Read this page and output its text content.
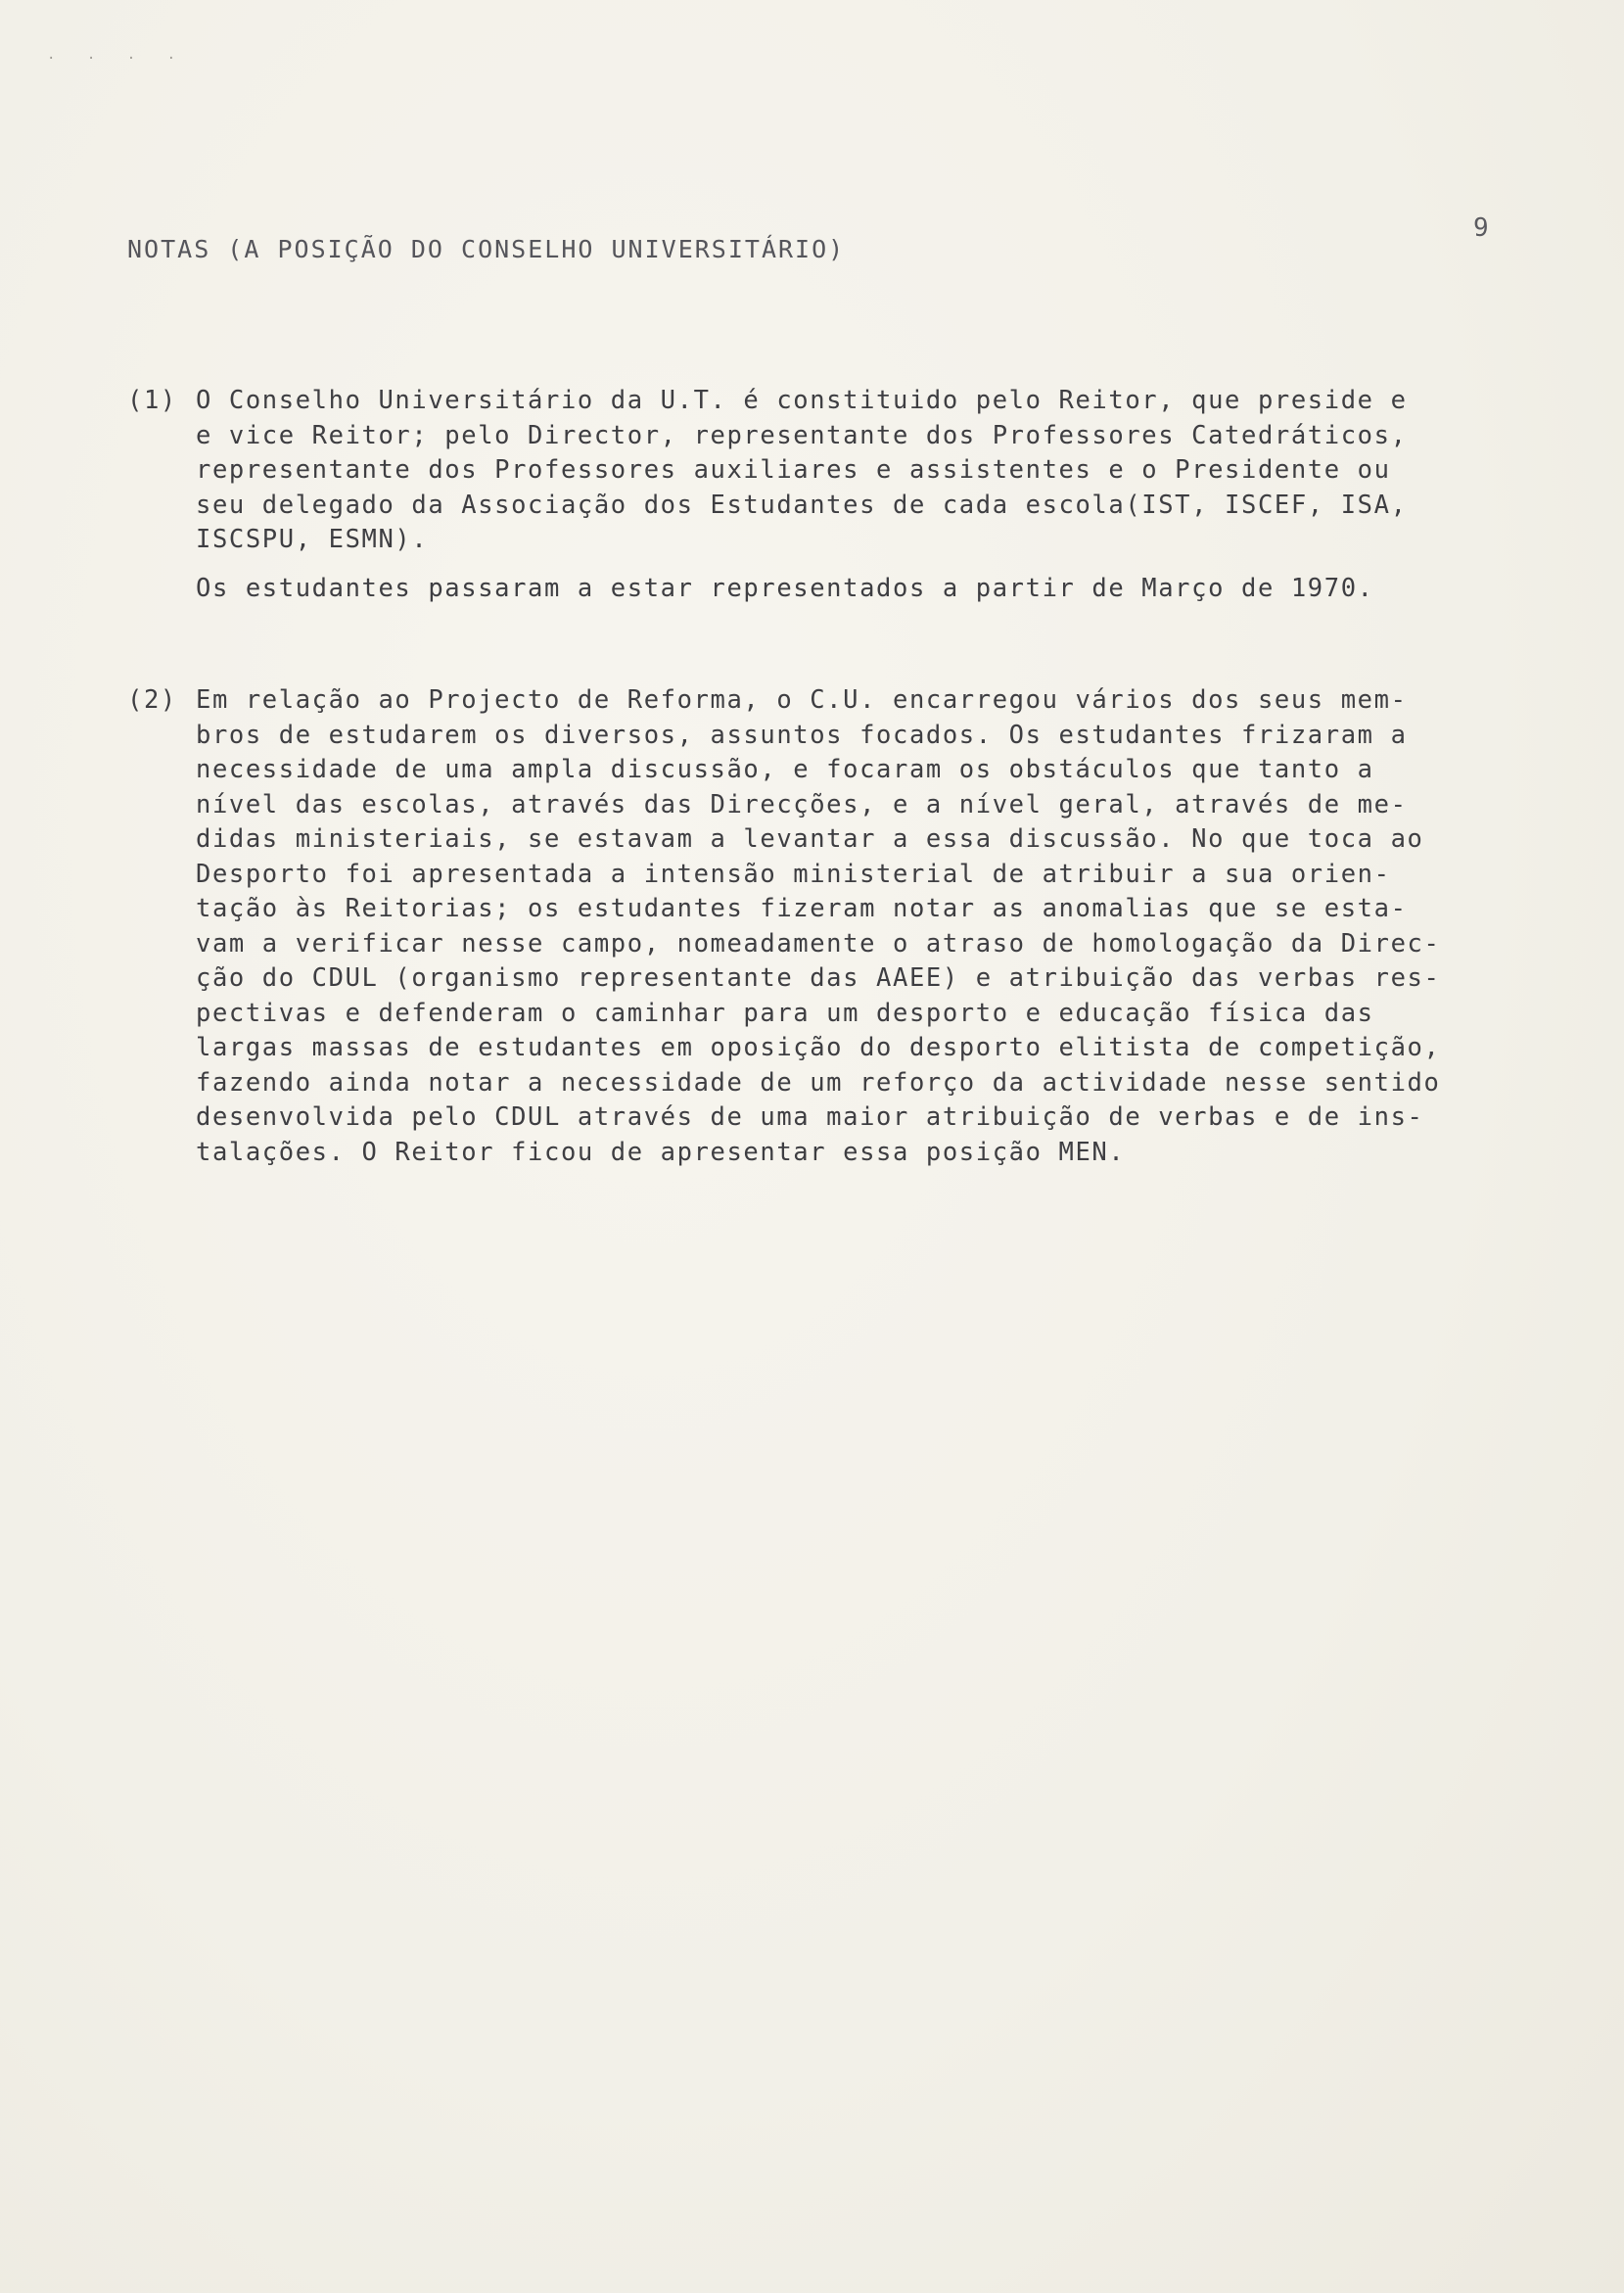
· · · ·
9
NOTAS (A POSIÇÃO DO CONSELHO UNIVERSITÁRIO)
(1) O Conselho Universitário da U.T. é constituido pelo Reitor, que preside e
e vice Reitor; pelo Director, representante dos Professores Catedráticos,
representante dos Professores auxiliares e assistentes e o Presidente ou
seu delegado da Associação dos Estudantes de cada escola(IST, ISCEF, ISA,
ISCSPU, ESMN).
Os estudantes passaram a estar representados a partir de Março de 1970.
(2) Em relação ao Projecto de Reforma, o C.U. encarregou vários dos seus mem-
bros de estudarem os diversos, assuntos focados. Os estudantes frizaram a
necessidade de uma ampla discussão, e focaram os obstáculos que tanto a
nível das escolas, através das Direcções, e a nível geral, através de me-
didas ministeriais, se estavam a levantar a essa discussão. No que toca ao
Desporto foi apresentada a intensão ministerial de atribuir a sua orien-
tação às Reitorias; os estudantes fizeram notar as anomalias que se esta-
vam a verificar nesse campo, nomeadamente o atraso de homologação da Direc-
ção do CDUL (organismo representante das AAEE) e atribuição das verbas res-
pectivas e defenderam o caminhar para um desporto e educação física das
largas massas de estudantes em oposição do desporto elitista de competição,
fazendo ainda notar a necessidade de um reforço da actividade nesse sentido
desenvolvida pelo CDUL através de uma maior atribuição de verbas e de ins-
talações. O Reitor ficou de apresentar essa posição MEN.
